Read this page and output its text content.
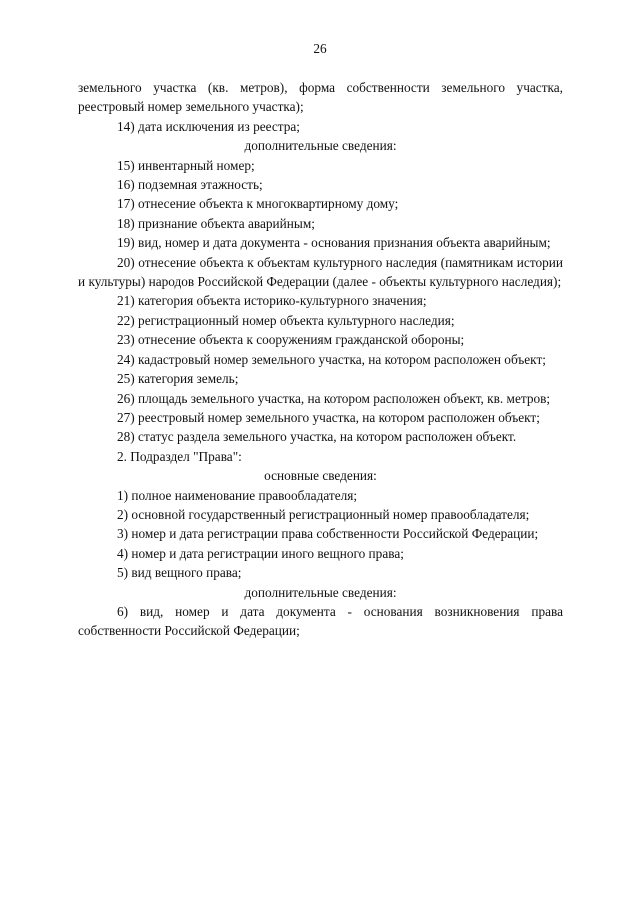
26

земельного участка (кв. метров), форма собственности земельного участка, реестровый номер земельного участка);

14) дата исключения из реестра;

дополнительные сведения:

15) инвентарный номер;

16) подземная этажность;

17) отнесение объекта к многоквартирному дому;

18) признание объекта аварийным;

19) вид, номер и дата документа - основания признания объекта аварийным;

20) отнесение объекта к объектам культурного наследия (памятникам истории и культуры) народов Российской Федерации (далее - объекты культурного наследия);

21) категория объекта историко-культурного значения;

22) регистрационный номер объекта культурного наследия;

23) отнесение объекта к сооружениям гражданской обороны;

24) кадастровый номер земельного участка, на котором расположен объект;

25) категория земель;

26) площадь земельного участка, на котором расположен объект, кв. метров;

27) реестровый номер земельного участка, на котором расположен объект;

28) статус раздела земельного участка, на котором расположен объект.

2. Подраздел "Права":

основные сведения:

1) полное наименование правообладателя;

2) основной государственный регистрационный номер правообладателя;

3) номер и дата регистрации права собственности Российской Федерации;

4) номер и дата регистрации иного вещного права;

5) вид вещного права;

дополнительные сведения:

6) вид, номер и дата документа - основания возникновения права собственности Российской Федерации;
